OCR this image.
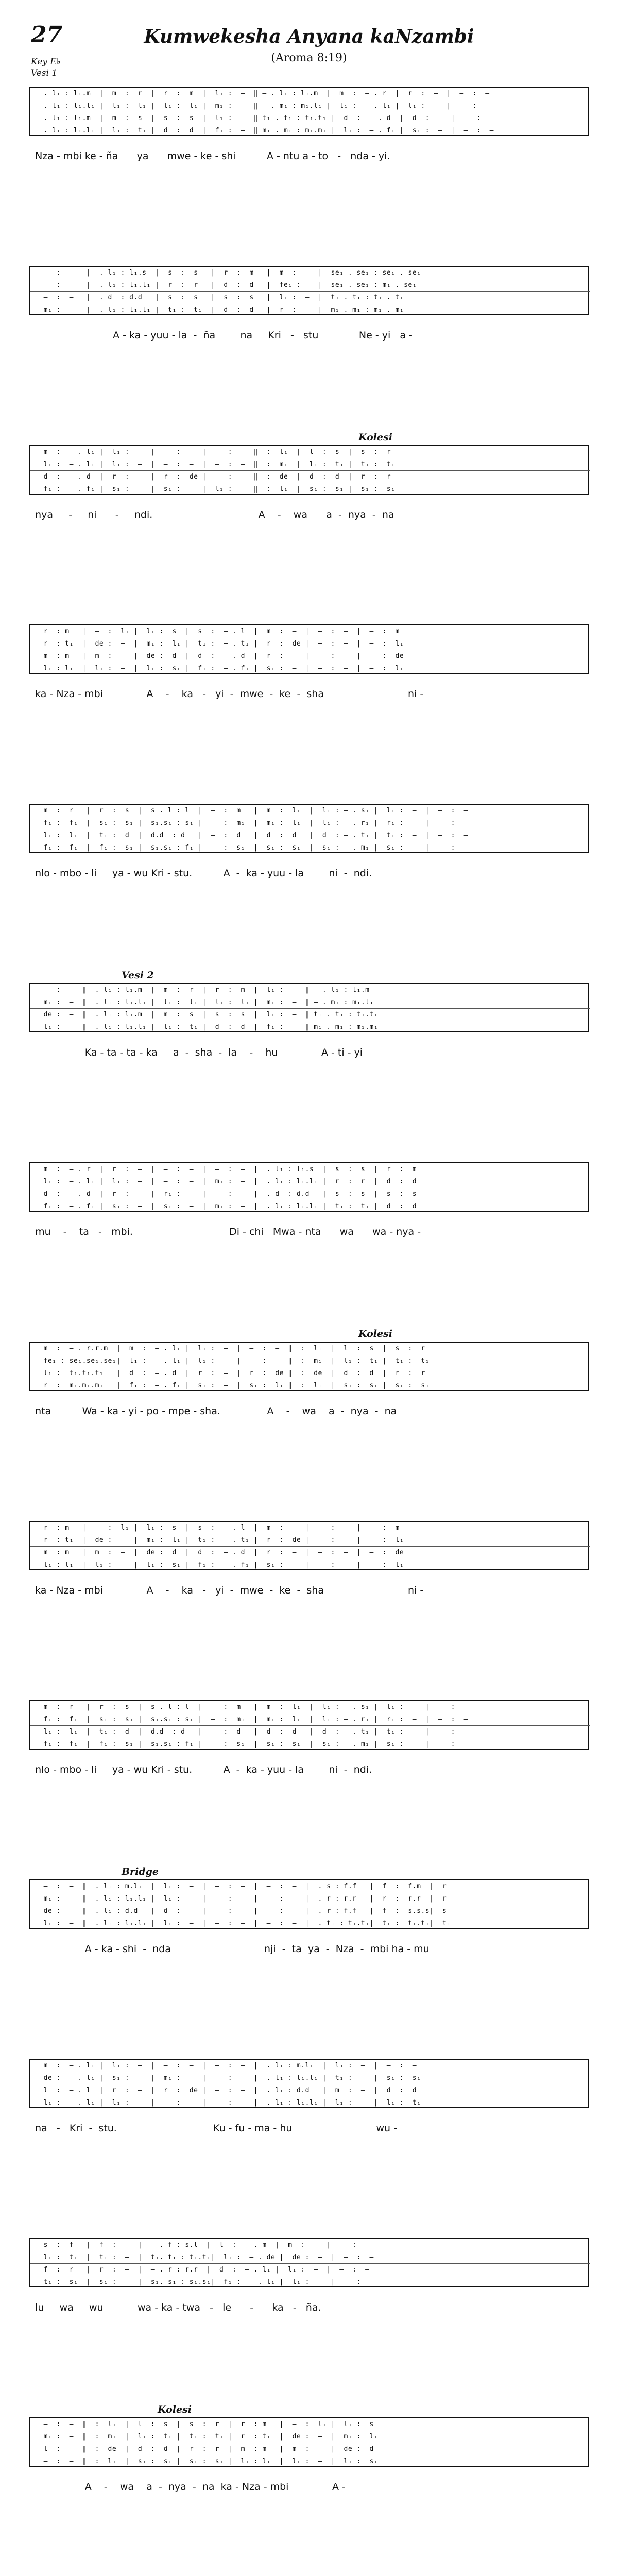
27	Kumwekesha Anyana kaNzambi
(Aroma 8:19)
Key E♭
Vesi 1
. l₁ : l₁.m  |  m  :  r  |  r  :  m  |  l₁ :  —  ‖ — . l₁ : l₁.m  |  m  :  — . r  |  r  :  —  |  —  :  —
. l₁ : l₁.l₁ |  l₁ :  l₁ |  l₁ :  l₁ |  m₁ :  —  ‖ — . m₁ : m₁.l₁ |  l₁ :  — . l₁ |  l₁ :  —  |  —  :  —
. l₁ : l₁.m  |  m  :  s  |  s  :  s  |  l₁ :  —  ‖ t₁ . t₁ : t₁.t₁ |  d  :  — . d  |  d  :  —  |  —  :  —
. l₁ : l₁.l₁ |  l₁ :  t₁ |  d  :  d  |  f₁ :  —  ‖ m₁ . m₁ : m₁.m₁ |  l₁ :  — . f₁ |  s₁ :  —  |  —  :  —
Nza - mbi ke - ña      ya      mwe - ke - shi          A - ntu a - to   -   nda - yi.
—  :  —   |  . l₁ : l₁.s  |  s  :  s   |  r  :  m   |  m  :  —  |  se₁ . se₁ : se₁ . se₁
—  :  —   |  . l₁ : l₁.l₁ |  r  :  r   |  d  :  d   |  fe₁ : —  |  se₁ . se₁ : m₁ . se₁
—  :  —   |  . d  : d.d   |  s  :  s   |  s  :  s   |  l₁ :  —  |  t₁ . t₁ : t₁ . t₁
m₁ :  —   |  . l₁ : l₁.l₁ |  t₁ :  t₁  |  d  :  d   |  r  :  —  |  m₁ . m₁ : m₁ . m₁
A - ka - yuu - la  -  ña        na     Kri   -   stu             Ne - yi   a -
Kolesi
m  :  — . l₁ |  l₁ :  —  |  —  :  —  |  —  :  —  ‖  :  l₁  |  l  :  s  |  s  :  r
l₁ :  — . l₁ |  l₁ :  —  |  —  :  —  |  —  :  —  ‖  :  m₁  |  l₁ :  t₁ |  t₁ :  t₁
d  :  — . d  |  r  :  —  |  r  :  de |  —  :  —  ‖  :  de  |  d  :  d  |  r  :  r
f₁ :  — . f₁ |  s₁ :  —  |  s₁ :  —  |  l₁ :  —  ‖  :  l₁  |  s₁ :  s₁ |  s₁ :  s₁
nya     -     ni      -     ndi.                                  A    -    wa      a  -  nya  -  na
r  : m   |  —  :  l₁ |  l₁ :  s  |  s  :  — . l  |  m  :  —  |  —  :  —  |  —  :  m
r  : t₁  |  de :  —  |  m₁ :  l₁ |  t₁ :  — . t₁ |  r  :  de |  —  :  —  |  —  :  l₁
m  : m   |  m  :  —  |  de :  d  |  d  :  — . d  |  r  :  —  |  —  :  —  |  —  :  de
l₁ : l₁  |  l₁ :  —  |  l₁ :  s₁ |  f₁ :  — . f₁ |  s₁ :  —  |  —  :  —  |  —  :  l₁
ka - Nza - mbi              A    -    ka   -   yi  -  mwe  -  ke  -  sha                           ni -
m  :  r   |  r  :  s  |  s . l : l  |  —  :  m   |  m  :  l₁  |  l₁ : — . s₁ |  l₁ :  —  |  —  :  —
f₁ :  f₁  |  s₁ :  s₁ |  s₁.s₁ : s₁ |  —  :  m₁  |  m₁ :  l₁  |  l₁ : — . r₁ |  r₁ :  —  |  —  :  —
l₁ :  l₁  |  t₁ :  d  |  d.d  : d   |  —  :  d   |  d  :  d   |  d  : — . t₁ |  t₁ :  —  |  —  :  —
f₁ :  f₁  |  f₁ :  s₁ |  s₁.s₁ : f₁ |  —  :  s₁  |  s₁ :  s₁  |  s₁ : — . m₁ |  s₁ :  —  |  —  :  —
nlo - mbo - li     ya - wu Kri - stu.          A  -  ka - yuu - la        ni  -  ndi.
Vesi 2
—  :  —  ‖  . l₁ : l₁.m  |  m  :  r  |  r  :  m  |  l₁ :  —  ‖ — . l₁ : l₁.m
m₁ :  —  ‖  . l₁ : l₁.l₁ |  l₁ :  l₁ |  l₁ :  l₁ |  m₁ :  —  ‖ — . m₁ : m₁.l₁
de :  —  ‖  . l₁ : l₁.m  |  m  :  s  |  s  :  s  |  l₁ :  —  ‖ t₁ . t₁ : t₁.t₁
l₁ :  —  ‖  . l₁ : l₁.l₁ |  l₁ :  t₁ |  d  :  d  |  f₁ :  —  ‖ m₁ . m₁ : m₁.m₁
Ka - ta - ta - ka     a  -  sha  -  la    -    hu              A - ti - yi
m  :  — . r  |  r  :  —  |  —  :  —  |  —  :  —  |  . l₁ : l₁.s  |  s  :  s  |  r  :  m
l₁ :  — . l₁ |  l₁ :  —  |  —  :  —  |  m₁ :  —  |  . l₁ : l₁.l₁ |  r  :  r  |  d  :  d
d  :  — . d  |  r  :  —  |  r₁ :  —  |  —  :  —  |  . d  : d.d   |  s  :  s  |  s  :  s
f₁ :  — . f₁ |  s₁ :  —  |  s₁ :  —  |  m₁ :  —  |  . l₁ : l₁.l₁ |  t₁ :  t₁ |  d  :  d
mu    -    ta   -   mbi.                               Di - chi   Mwa - nta      wa      wa - nya -
Kolesi
m  :  — . r.r.m  |  m  :  — . l₁ |  l₁ :  —  |  —  :  —  ‖  :  l₁  |  l  :  s  |  s  :  r
fe₁ : se₁.se₁.se₁|  l₁ :  — . l₁ |  l₁ :  —  |  —  :  —  ‖  :  m₁  |  l₁ :  t₁ |  t₁ :  t₁
l₁ :  t₁.t₁.t₁   |  d  :  — . d  |  r  :  —  |  r  :  de ‖  :  de  |  d  :  d  |  r  :  r
r  :  m₁.m₁.m₁   |  f₁ :  — . f₁ |  s₁ :  —  |  s₁ :  l₁ ‖  :  l₁  |  s₁ :  s₁ |  s₁ :  s₁
nta          Wa - ka - yi - po - mpe - sha.               A    -    wa    a  -  nya  -  na
r  : m   |  —  :  l₁ |  l₁ :  s  |  s  :  — . l  |  m  :  —  |  —  :  —  |  —  :  m
r  : t₁  |  de :  —  |  m₁ :  l₁ |  t₁ :  — . t₁ |  r  :  de |  —  :  —  |  —  :  l₁
m  : m   |  m  :  —  |  de :  d  |  d  :  — . d  |  r  :  —  |  —  :  —  |  —  :  de
l₁ : l₁  |  l₁ :  —  |  l₁ :  s₁ |  f₁ :  — . f₁ |  s₁ :  —  |  —  :  —  |  —  :  l₁
ka - Nza - mbi              A    -    ka   -   yi  -  mwe  -  ke  -  sha                           ni -
m  :  r   |  r  :  s  |  s . l : l  |  —  :  m   |  m  :  l₁  |  l₁ : — . s₁ |  l₁ :  —  |  —  :  —
f₁ :  f₁  |  s₁ :  s₁ |  s₁.s₁ : s₁ |  —  :  m₁  |  m₁ :  l₁  |  l₁ : — . r₁ |  r₁ :  —  |  —  :  —
l₁ :  l₁  |  t₁ :  d  |  d.d  : d   |  —  :  d   |  d  :  d   |  d  : — . t₁ |  t₁ :  —  |  —  :  —
f₁ :  f₁  |  f₁ :  s₁ |  s₁.s₁ : f₁ |  —  :  s₁  |  s₁ :  s₁  |  s₁ : — . m₁ |  s₁ :  —  |  —  :  —
nlo - mbo - li     ya - wu Kri - stu.          A  -  ka - yuu - la        ni  -  ndi.
Bridge
—  :  —  ‖  . l₁ : m.l₁  |  l₁ :  —  |  —  :  —  |  —  :  —  |  . s : f.f   |  f  :  f.m  |  r
m₁ :  —  ‖  . l₁ : l₁.l₁ |  l₁ :  —  |  —  :  —  |  —  :  —  |  . r : r.r   |  r  :  r.r  |  r
de :  —  ‖  . l₁ : d.d   |  d  :  —  |  —  :  —  |  —  :  —  |  . r : f.f   |  f  :  s.s.s|  s
l₁ :  —  ‖  . l₁ : l₁.l₁ |  l₁ :  —  |  —  :  —  |  —  :  —  |  . t₁ : t₁.t₁|  t₁ :  t₁.t₁|  t₁
A - ka - shi  -  nda                              nji  -  ta  ya  -  Nza  -  mbi ha - mu
m  :  — . l₁ |  l₁ :  —  |  —  :  —  |  —  :  —  |  . l₁ : m.l₁  |  l₁ :  —  |  —  :  —
de :  — . l₁ |  s₁ :  —  |  m₁ :  —  |  —  :  —  |  . l₁ : l₁.l₁ |  t₁ :  —  |  s₁ :  s₁
l  :  — . l  |  r  :  —  |  r  :  de |  —  :  —  |  . l₁ : d.d   |  m  :  —  |  d  :  d
l₁ :  — . l₁ |  l₁ :  —  |  —  :  —  |  —  :  —  |  . l₁ : l₁.l₁ |  l₁ :  —  |  l₁ :  t₁
na   -   Kri  -  stu.                               Ku - fu - ma - hu                           wu -
s  :  f   |  f  :  —  |  — . f : s.l  |  l  :  — . m  |  m  :  —  |  —  :  —
l₁ :  t₁  |  t₁ :  —  |  t₁. t₁ : t₁.t₁|  l₁ :  — . de |  de :  —  |  —  :  —
f  :  r   |  r  :  —  |  — . r : r.r  |  d  :  — . l₁ |  l₁ :  —  |  —  :  —
t₁ :  s₁  |  s₁ :  —  |  s₁. s₁ : s₁.s₁|  f₁ :  — . l₁ |  l₁ :  —  |  —  :  —
lu     wa     wu           wa - ka - twa   -   le      -      ka   -   ña.
Kolesi
—  :  —  ‖  :  l₁  |  l  :  s  |  s  :  r  |  r  : m   |  —  :  l₁ |  l₁ :  s
m₁ :  —  ‖  :  m₁  |  l₁ :  t₁ |  t₁ :  t₁ |  r  : t₁  |  de :  —  |  m₁ :  l₁
l  :  —  ‖  :  de  |  d  :  d  |  r  :  r  |  m  : m   |  m  :  —  |  de :  d
—  :  —  ‖  :  l₁  |  s₁ :  s₁ |  s₁ :  s₁ |  l₁ : l₁  |  l₁ :  —  |  l₁ :  s₁
A    -    wa    a  -  nya  -  na  ka - Nza - mbi              A -
